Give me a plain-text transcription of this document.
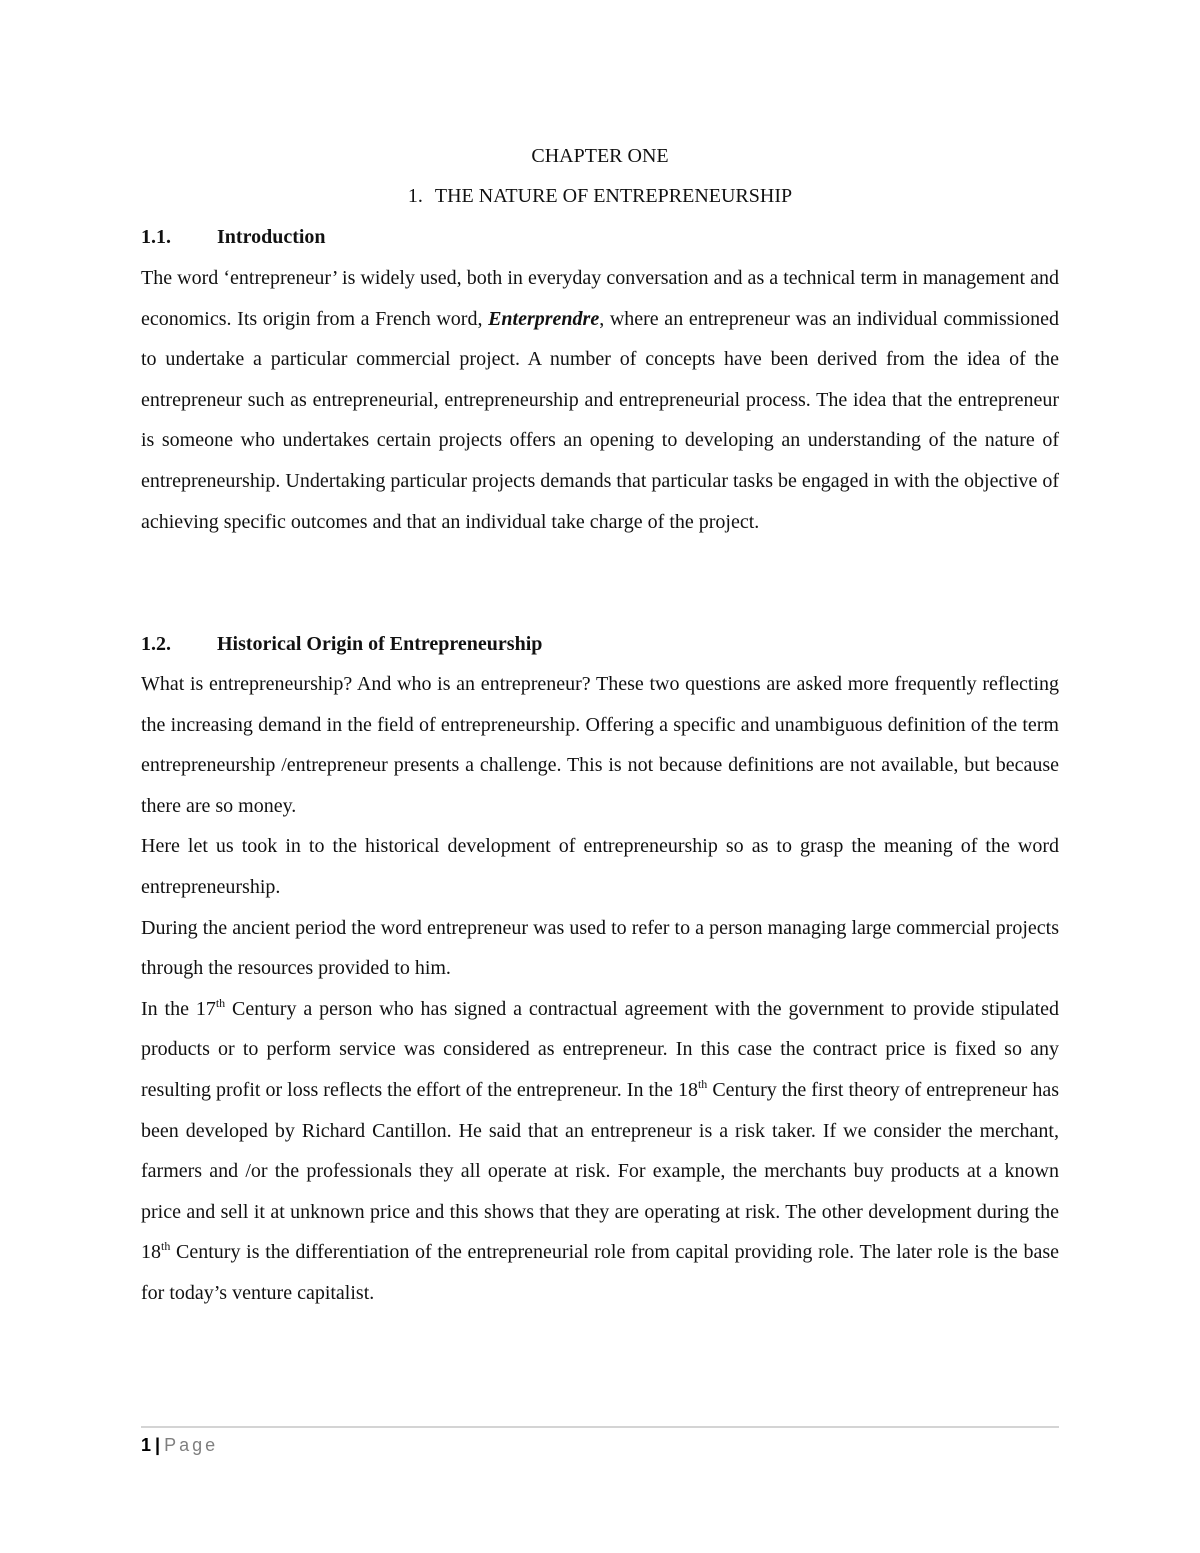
CHAPTER ONE
1. THE NATURE OF ENTREPRENEURSHIP
1.1. Introduction

The word ‘entrepreneur’ is widely used, both in everyday conversation and as a technical term in management and economics. Its origin from a French word, Enterprendre, where an entrepreneur was an individual commissioned to undertake a particular commercial project. A number of concepts have been derived from the idea of the entrepreneur such as entrepreneurial, entrepreneurship and entrepreneurial process. The idea that the entrepreneur is someone who undertakes certain projects offers an opening to developing an understanding of the nature of entrepreneurship. Undertaking particular projects demands that particular tasks be engaged in with the objective of achieving specific outcomes and that an individual take charge of the project.

1.2. Historical Origin of Entrepreneurship

What is entrepreneurship? And who is an entrepreneur? These two questions are asked more frequently reflecting the increasing demand in the field of entrepreneurship. Offering a specific and unambiguous definition of the term entrepreneurship /entrepreneur presents a challenge. This is not because definitions are not available, but because there are so money.

Here let us took in to the historical development of entrepreneurship so as to grasp the meaning of the word entrepreneurship.

During the ancient period the word entrepreneur was used to refer to a person managing large commercial projects through the resources provided to him.

In the 17th Century a person who has signed a contractual agreement with the government to provide stipulated products or to perform service was considered as entrepreneur. In this case the contract price is fixed so any resulting profit or loss reflects the effort of the entrepreneur. In the 18th Century the first theory of entrepreneur has been developed by Richard Cantillon. He said that an entrepreneur is a risk taker. If we consider the merchant, farmers and /or the professionals they all operate at risk. For example, the merchants buy products at a known price and sell it at unknown price and this shows that they are operating at risk. The other development during the 18th Century is the differentiation of the entrepreneurial role from capital providing role. The later role is the base for today’s venture capitalist.

1 | Page
